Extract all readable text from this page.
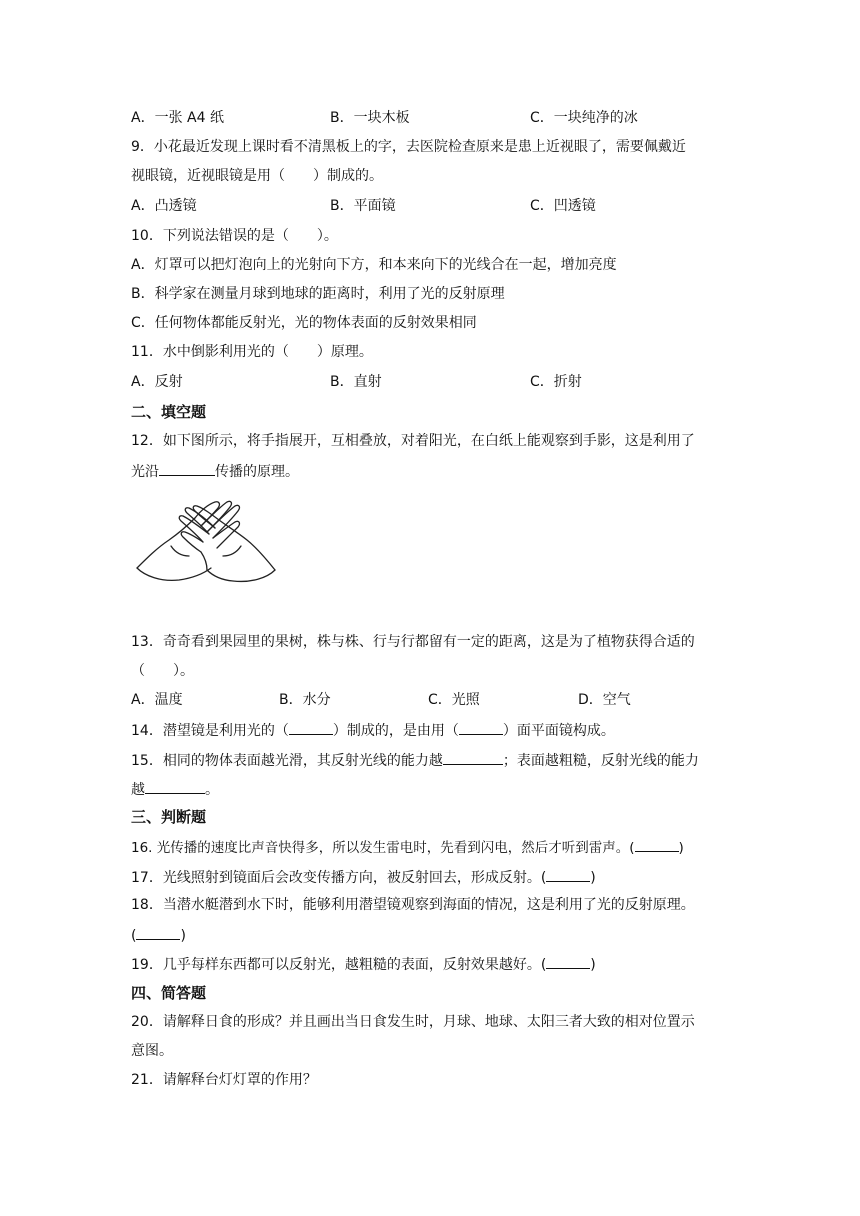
A．一张 A4 纸	B．一块木板	C．一块纯净的冰
9．小花最近发现上课时看不清黑板上的字，去医院检查原来是患上近视眼了，需要佩戴近
视眼镜，近视眼镜是用（　　）制成的。
A．凸透镜	B．平面镜	C．凹透镜
10．下列说法错误的是（　　）。
A．灯罩可以把灯泡向上的光射向下方，和本来向下的光线合在一起，增加亮度
B．科学家在测量月球到地球的距离时，利用了光的反射原理
C．任何物体都能反射光，光的物体表面的反射效果相同
11．水中倒影利用光的（　　）原理。
A．反射	B．直射	C．折射
二、填空题
12．如下图所示，将手指展开，互相叠放，对着阳光，在白纸上能观察到手影，这是利用了
光沿	传播的原理。
13．奇奇看到果园里的果树，株与株、行与行都留有一定的距离，这是为了植物获得合适的
（　　）。
A．温度	B．水分	C．光照	D．空气
14．潜望镜是利用光的（	）制成的，是由用（	）面平面镜构成。
15．相同的物体表面越光滑，其反射光线的能力越	；表面越粗糙，反射光线的能力
越	。
三、判断题
16. 光传播的速度比声音快得多，所以发生雷电时，先看到闪电，然后才听到雷声。(	)
17．光线照射到镜面后会改变传播方向，被反射回去，形成反射。(	)
18．当潜水艇潜到水下时，能够利用潜望镜观察到海面的情况，这是利用了光的反射原理。
(	)
19．几乎每样东西都可以反射光，越粗糙的表面，反射效果越好。(	)
四、简答题
20．请解释日食的形成？并且画出当日食发生时，月球、地球、太阳三者大致的相对位置示
意图。
21．请解释台灯灯罩的作用？
